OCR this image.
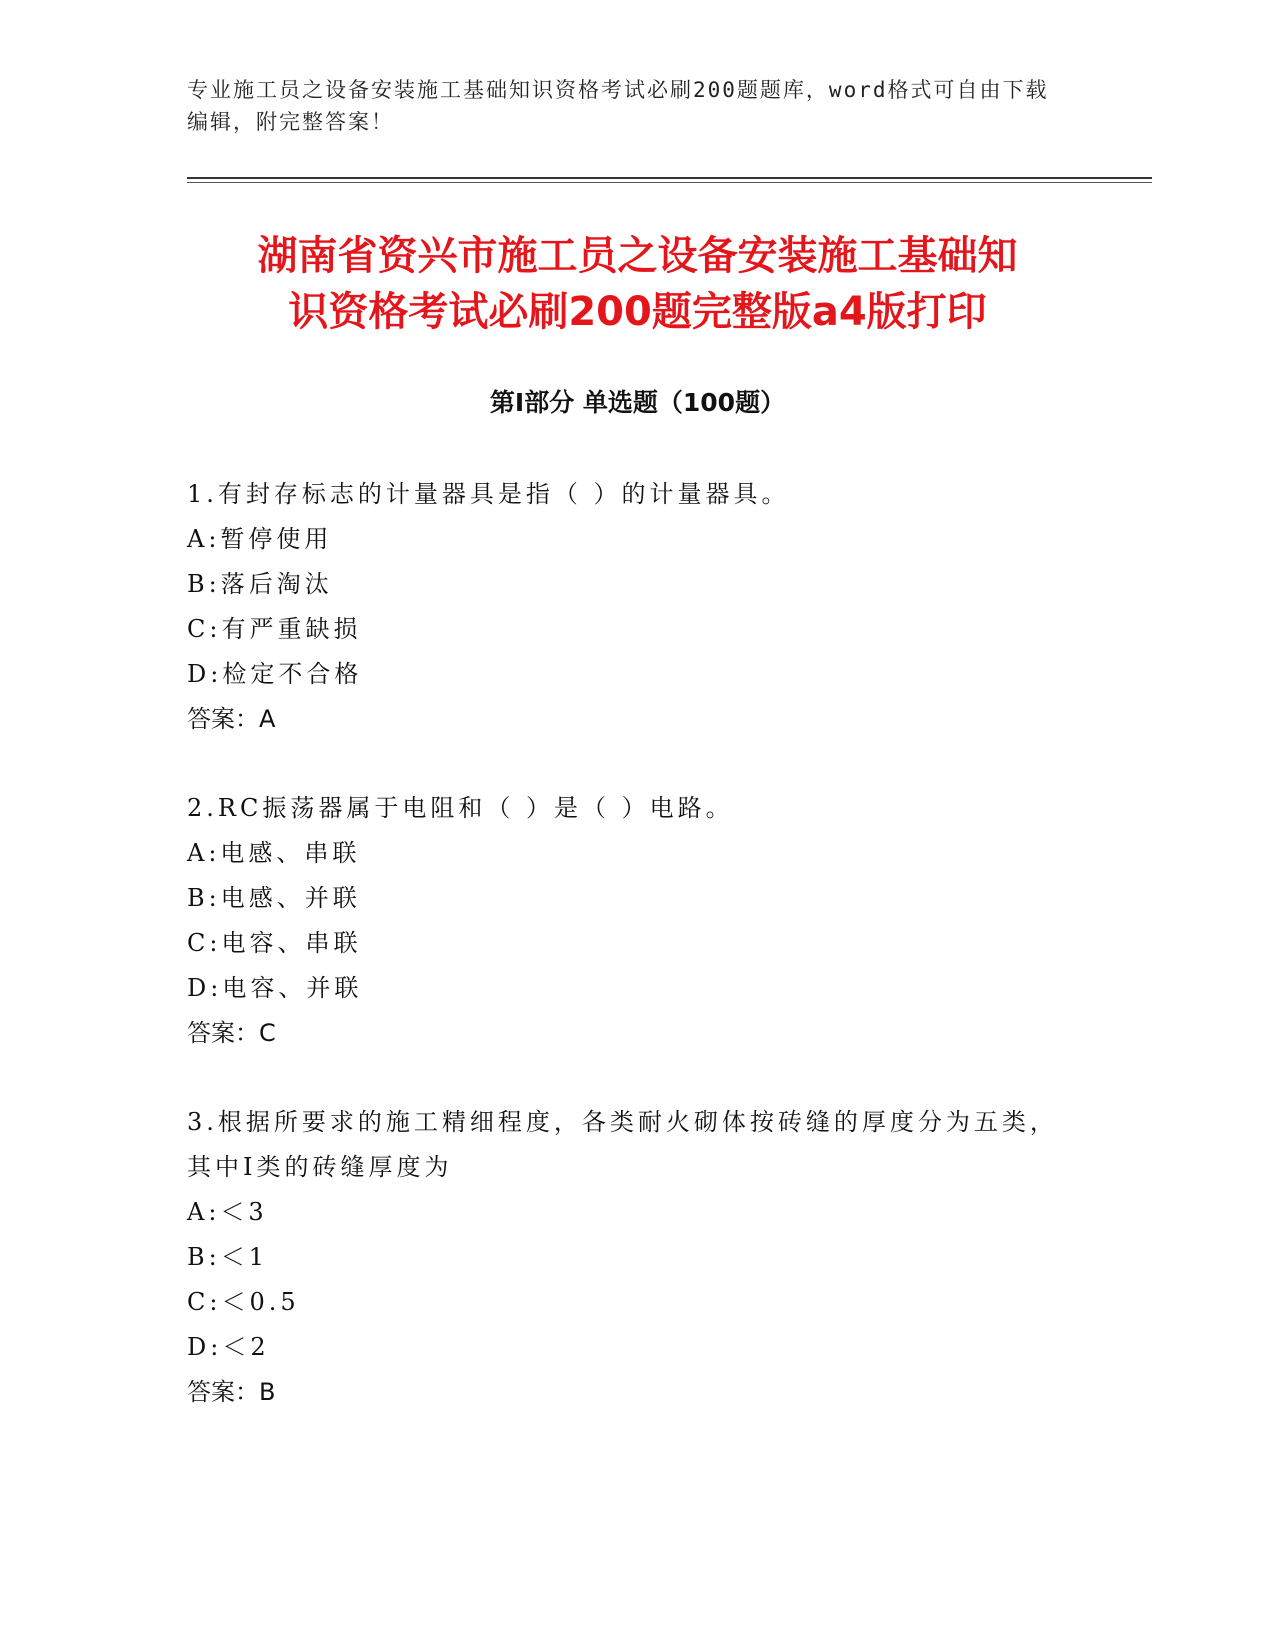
专业施工员之设备安装施工基础知识资格考试必刷200题题库，word格式可自由下载编辑，附完整答案！
湖南省资兴市施工员之设备安装施工基础知
识资格考试必刷200题完整版a4版打印
第Ⅰ部分 单选题（100题）
1.有封存标志的计量器具是指（ ）的计量器具。
A:暂停使用
B:落后淘汰
C:有严重缺损
D:检定不合格
答案：A
2.RC振荡器属于电阻和（ ）是（ ）电路。
A:电感、串联
B:电感、并联
C:电容、串联
D:电容、并联
答案：C
3.根据所要求的施工精细程度，各类耐火砌体按砖缝的厚度分为五类，其中Ⅰ类的砖缝厚度为
A:＜3
B:＜1
C:＜0.5
D:＜2
答案：B
